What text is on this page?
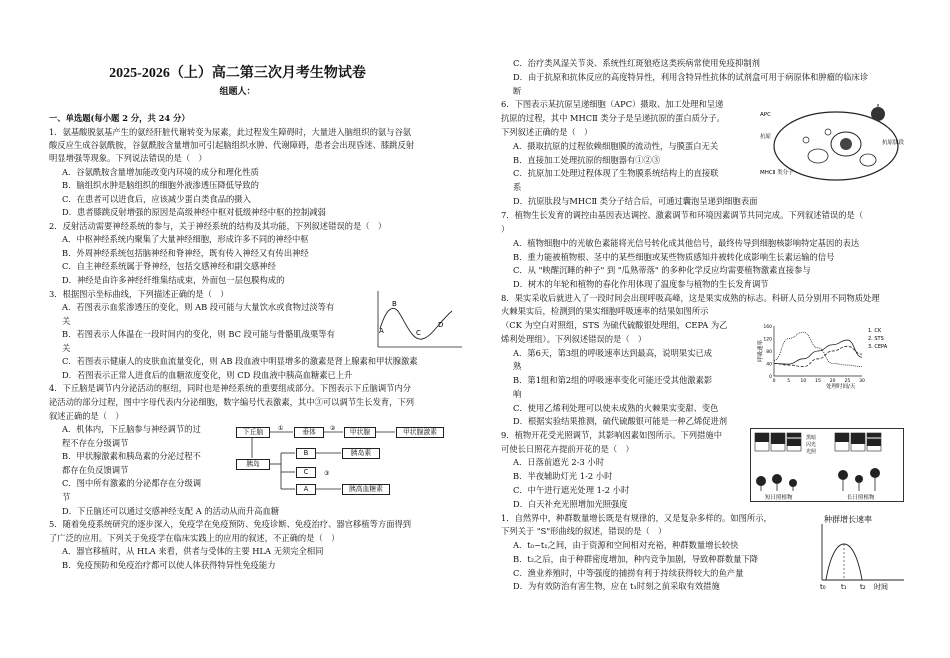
2025-2026（上）高二第三次月考生物试卷
组题人：
一、单选题(每小题 2 分，共 24 分）
1．氨基酸脱氨基产生的氨经肝脏代谢转变为尿素，此过程发生障碍时，大量进入脑组织的氨与谷氨
酸反应生成谷氨酰胺，谷氨酰胺含量增加可引起脑组织水肿、代谢障碍，患者会出现昏迷、膝跳反射
明显增强等现象。下列说法错误的是（　）
A．谷氨酰胺含量增加能改变内环境的成分和理化性质
B．脑组织水肿是脑组织的细胞外液渗透压降低导致的
C．在患者可以进食后，应该减少蛋白类食品的摄入
D．患者膝跳反射增强的原因是高级神经中枢对低级神经中枢的控制减弱
2．反射活动需要神经系统的参与，关于神经系统的结构及其功能，下列叙述错误的是（　）
A．中枢神经系统内聚集了大量神经细胞，形成许多不同的神经中枢
B．外周神经系统包括脑神经和脊神经，既有传入神经又有传出神经
C．自主神经系统属于脊神经，包括交感神经和副交感神经
D．神经是由许多神经纤维集结成束，外面包一层包膜构成的
3．根据图示坐标曲线，下列描述正确的是（　）
A．若图表示血浆渗透压的变化，则 AB 段可能与大量饮水或食物过淡等有
关
B．若图表示人体温在一段时间内的变化，则 BC 段可能与骨骼肌战栗等有
关
C．若图表示健康人的皮肤血流量变化，则 AB 段血液中明显增多的激素是肾上腺素和甲状腺激素
D．若图表示正常人进食后的血糖浓度变化，则 CD 段血液中胰高血糖素已上升
4．下丘脑是调节内分泌活动的枢纽，同时也是神经系统的重要组成部分。下图表示下丘脑调节内分
泌活动的部分过程，图中字母代表内分泌细胞，数字编号代表激素，其中③可以调节生长发育，下列
叙述正确的是（　）
A．机体内，下丘脑参与神经调节的过
程不存在分级调节
B．甲状腺激素和胰岛素的分泌过程不
都存在负反馈调节
C．图中所有激素的分泌都存在分级调
节
D．下丘脑还可以通过交感神经支配 A 的活动从而升高血糖
5．随着免疫系统研究的逐步深入，免疫学在免疫预防、免疫诊断、免疫治疗、器官移植等方面得到
了广泛的应用。下列关于免疫学在临床实践上的应用的叙述，不正确的是（　）
A．器官移植时，从 HLA 来看，供者与受体的主要 HLA 无须完全相同
B．免疫预防和免疫治疗都可以使人体获得特异性免疫能力
C．治疗类风湿关节炎、系统性红斑狼疮这类疾病常使用免疫抑制剂
D．由于抗原和抗体反应的高度特异性，利用含特异性抗体的试剂盒可用于病原体和肿瘤的临床诊
断
6．下图表示某抗原呈递细胞（APC）摄取、加工处理和呈递
抗原的过程，其中 MHCⅡ 类分子是呈递抗原的蛋白质分子。
下列叙述正确的是（　）
A．摄取抗原的过程依赖细胞膜的流动性，与膜蛋白无关
B．直接加工处理抗原的细胞器有①②③
C．抗原加工处理过程体现了生物膜系统结构上的直接联
系
D．抗原肽段与MHCⅡ 类分子结合后，可通过囊泡呈递到细胞表面
7．植物生长发育的调控由基因表达调控、激素调节和环境因素调节共同完成。下列叙述错误的是（
）
A．植物细胞中的光敏色素能将光信号转化成其他信号，最终传导到细胞核影响特定基因的表达
B．重力能被植物根、茎中的某些细胞或某些物质感知并被转化成影响生长素运输的信号
C．从 "映醒沉睡的种子" 到 "瓜熟蒂落" 的多种化学反应均需要植物激素直接参与
D．树木的年轮和植物的春化作用体现了温度参与植物的生长发育调节
8．果实采收后就进入了一段时间会出现呼吸高峰，这是果实成熟的标志。科研人员分别用不同物质处理
火棘果实后，检测到的果实细胞呼吸速率的结果如图所示
（CK 为空白对照组，STS 为硫代硫酸银处理组，CEPA 为乙
烯利处理组）。下列叙述错误的是（　）
A．第6天，第3组的呼吸速率达到最高，说明果实已成
熟
B．第1组和第2组的呼吸速率变化可能还受其他激素影
响
C．使用乙烯利处理可以使未成熟的火棘果实变甜、变色
D．根据实验结果推测，硫代硫酸银可能是一种乙烯促进剂
9．植物开花受光照调节，其影响因素如图所示。下列措施中
可使长日照花卉提前开花的是（　）
A．日落前遮光 2-3 小时
B．半夜辅助灯光 1-2 小时
C．中午进行遮光处理 1-2 小时
D．白天补充光照增加光照强度
1．自然界中，种群数量增长既是有规律的，又是复杂多样的。如图所示，
下列关于 "S"形曲线的叙述，错误的是（　）
A．t₀~t₁之间，由于资源和空间相对充裕，种群数量增长较快
B．t₂之后，由于种群密度增加，种内竞争加剧，导致种群数量下降
C．渔业养殖时，中等强度的捕捞有利于持续获得较大的鱼产量
D．为有效防治有害生物，应在 t₁时刻之前采取有效措施
A
B
C
D
下丘脑	垂体	甲状腺	甲状腺激素
胰岛
B	胰岛素
C
A	胰高血糖素
①	②
③
APC
抗原
抗原肽段
MHCⅡ 类分子
呼吸速率
处理时间/天
1. CK
2. STS
3. CEPA
160
120
80
40
0
0	5 10 15 20 25 30
黑暗
闪光
光照
短日照植物	长日照植物
种群增长速率
t₀ t₁ t₂ 时间
